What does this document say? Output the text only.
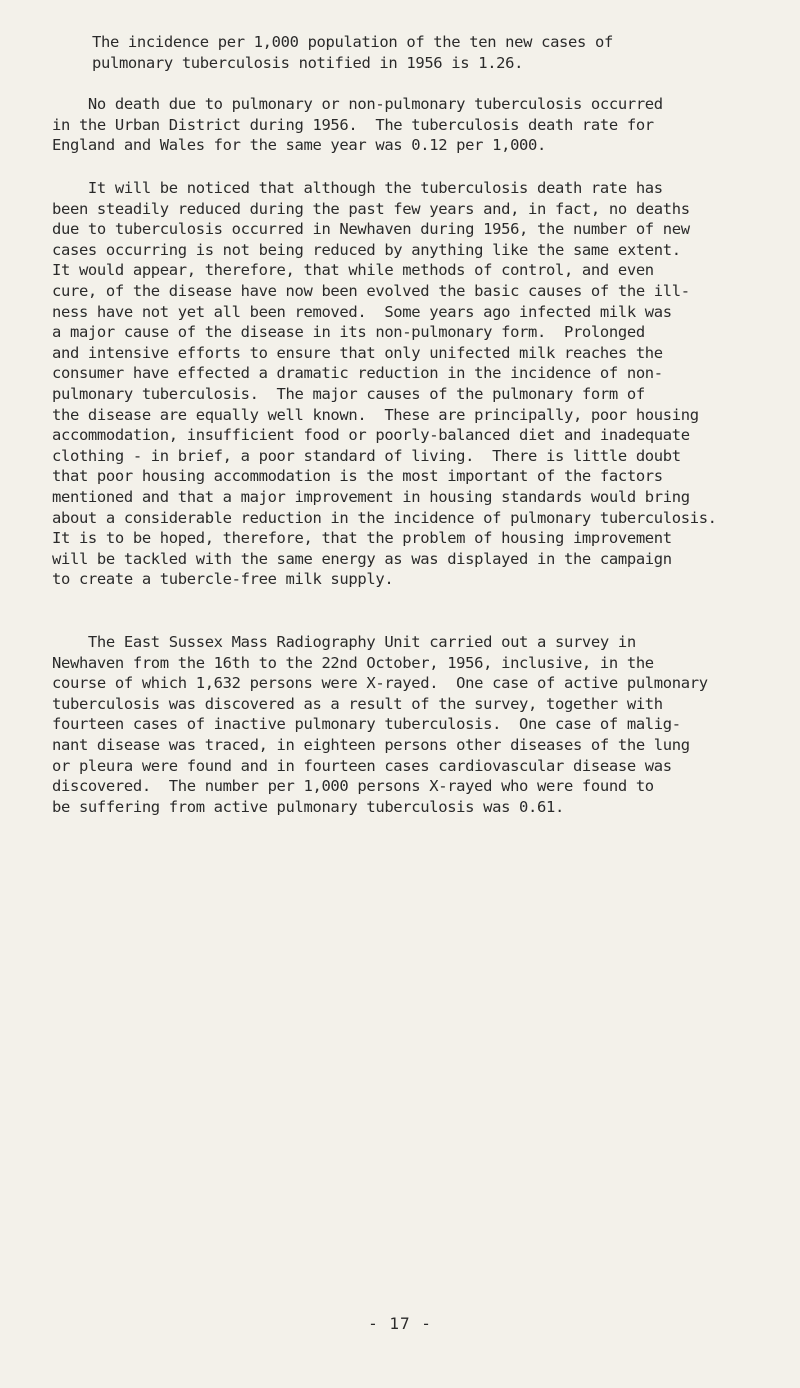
The incidence per 1,000 population of the ten new cases of
pulmonary tuberculosis notified in 1956 is 1.26.
No death due to pulmonary or non-pulmonary tuberculosis occurred
in the Urban District during 1956.  The tuberculosis death rate for
England and Wales for the same year was 0.12 per 1,000.
It will be noticed that although the tuberculosis death rate has
been steadily reduced during the past few years and, in fact, no deaths
due to tuberculosis occurred in Newhaven during 1956, the number of new
cases occurring is not being reduced by anything like the same extent.
It would appear, therefore, that while methods of control, and even
cure, of the disease have now been evolved the basic causes of the ill-
ness have not yet all been removed.  Some years ago infected milk was
a major cause of the disease in its non-pulmonary form.  Prolonged
and intensive efforts to ensure that only unifected milk reaches the
consumer have effected a dramatic reduction in the incidence of non-
pulmonary tuberculosis.  The major causes of the pulmonary form of
the disease are equally well known.  These are principally, poor housing
accommodation, insufficient food or poorly-balanced diet and inadequate
clothing - in brief, a poor standard of living.  There is little doubt
that poor housing accommodation is the most important of the factors
mentioned and that a major improvement in housing standards would bring
about a considerable reduction in the incidence of pulmonary tuberculosis.
It is to be hoped, therefore, that the problem of housing improvement
will be tackled with the same energy as was displayed in the campaign
to create a tubercle-free milk supply.
The East Sussex Mass Radiography Unit carried out a survey in
Newhaven from the 16th to the 22nd October, 1956, inclusive, in the
course of which 1,632 persons were X-rayed.  One case of active pulmonary
tuberculosis was discovered as a result of the survey, together with
fourteen cases of inactive pulmonary tuberculosis.  One case of malig-
nant disease was traced, in eighteen persons other diseases of the lung
or pleura were found and in fourteen cases cardiovascular disease was
discovered.  The number per 1,000 persons X-rayed who were found to
be suffering from active pulmonary tuberculosis was 0.61.
- 17 -
